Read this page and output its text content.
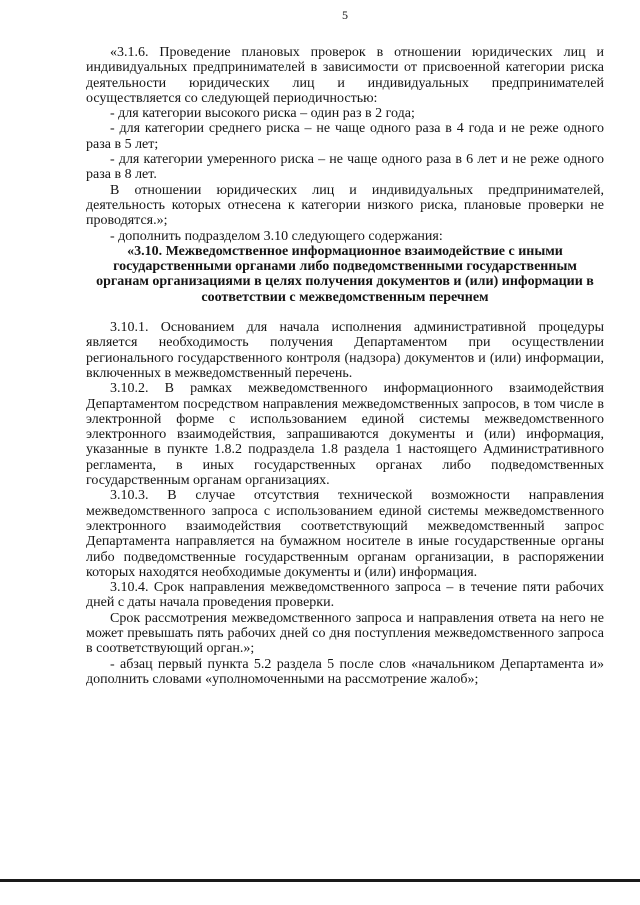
5

«3.1.6. Проведение плановых проверок в отношении юридических лиц и индивидуальных предпринимателей в зависимости от присвоенной категории риска деятельности юридических лиц и индивидуальных предпринимателей осуществляется со следующей периодичностью:

- для категории высокого риска – один раз в 2 года;

- для категории среднего риска – не чаще одного раза в 4 года и не реже одного раза в 5 лет;

- для категории умеренного риска – не чаще одного раза в 6 лет и не реже одного раза в 8 лет.

В отношении юридических лиц и индивидуальных предпринимателей, деятельность которых отнесена к категории низкого риска, плановые проверки не проводятся.»;

- дополнить подразделом 3.10 следующего содержания:

«3.10. Межведомственное информационное взаимодействие с иными государственными органами либо подведомственными государственным органам организациями в целях получения документов и (или) информации в соответствии с межведомственным перечнем

3.10.1. Основанием для начала исполнения административной процедуры является необходимость получения Департаментом при осуществлении регионального государственного контроля (надзора) документов и (или) информации, включенных в межведомственный перечень.

3.10.2. В рамках межведомственного информационного взаимодействия Департаментом посредством направления межведомственных запросов, в том числе в электронной форме с использованием единой системы межведомственного электронного взаимодействия, запрашиваются документы и (или) информация, указанные в пункте 1.8.2 подраздела 1.8 раздела 1 настоящего Административного регламента, в иных государственных органах либо подведомственных государственным органам организациях.

3.10.3. В случае отсутствия технической возможности направления межведомственного запроса с использованием единой системы межведомственного электронного взаимодействия соответствующий межведомственный запрос Департамента направляется на бумажном носителе в иные государственные органы либо подведомственные государственным органам организации, в распоряжении которых находятся необходимые документы и (или) информация.

3.10.4. Срок направления межведомственного запроса – в течение пяти рабочих дней с даты начала проведения проверки.

Срок рассмотрения межведомственного запроса и направления ответа на него не может превышать пять рабочих дней со дня поступления межведомственного запроса в соответствующий орган.»;

- абзац первый пункта 5.2 раздела 5 после слов «начальником Департамента и» дополнить словами «уполномоченными на рассмотрение жалоб»;
